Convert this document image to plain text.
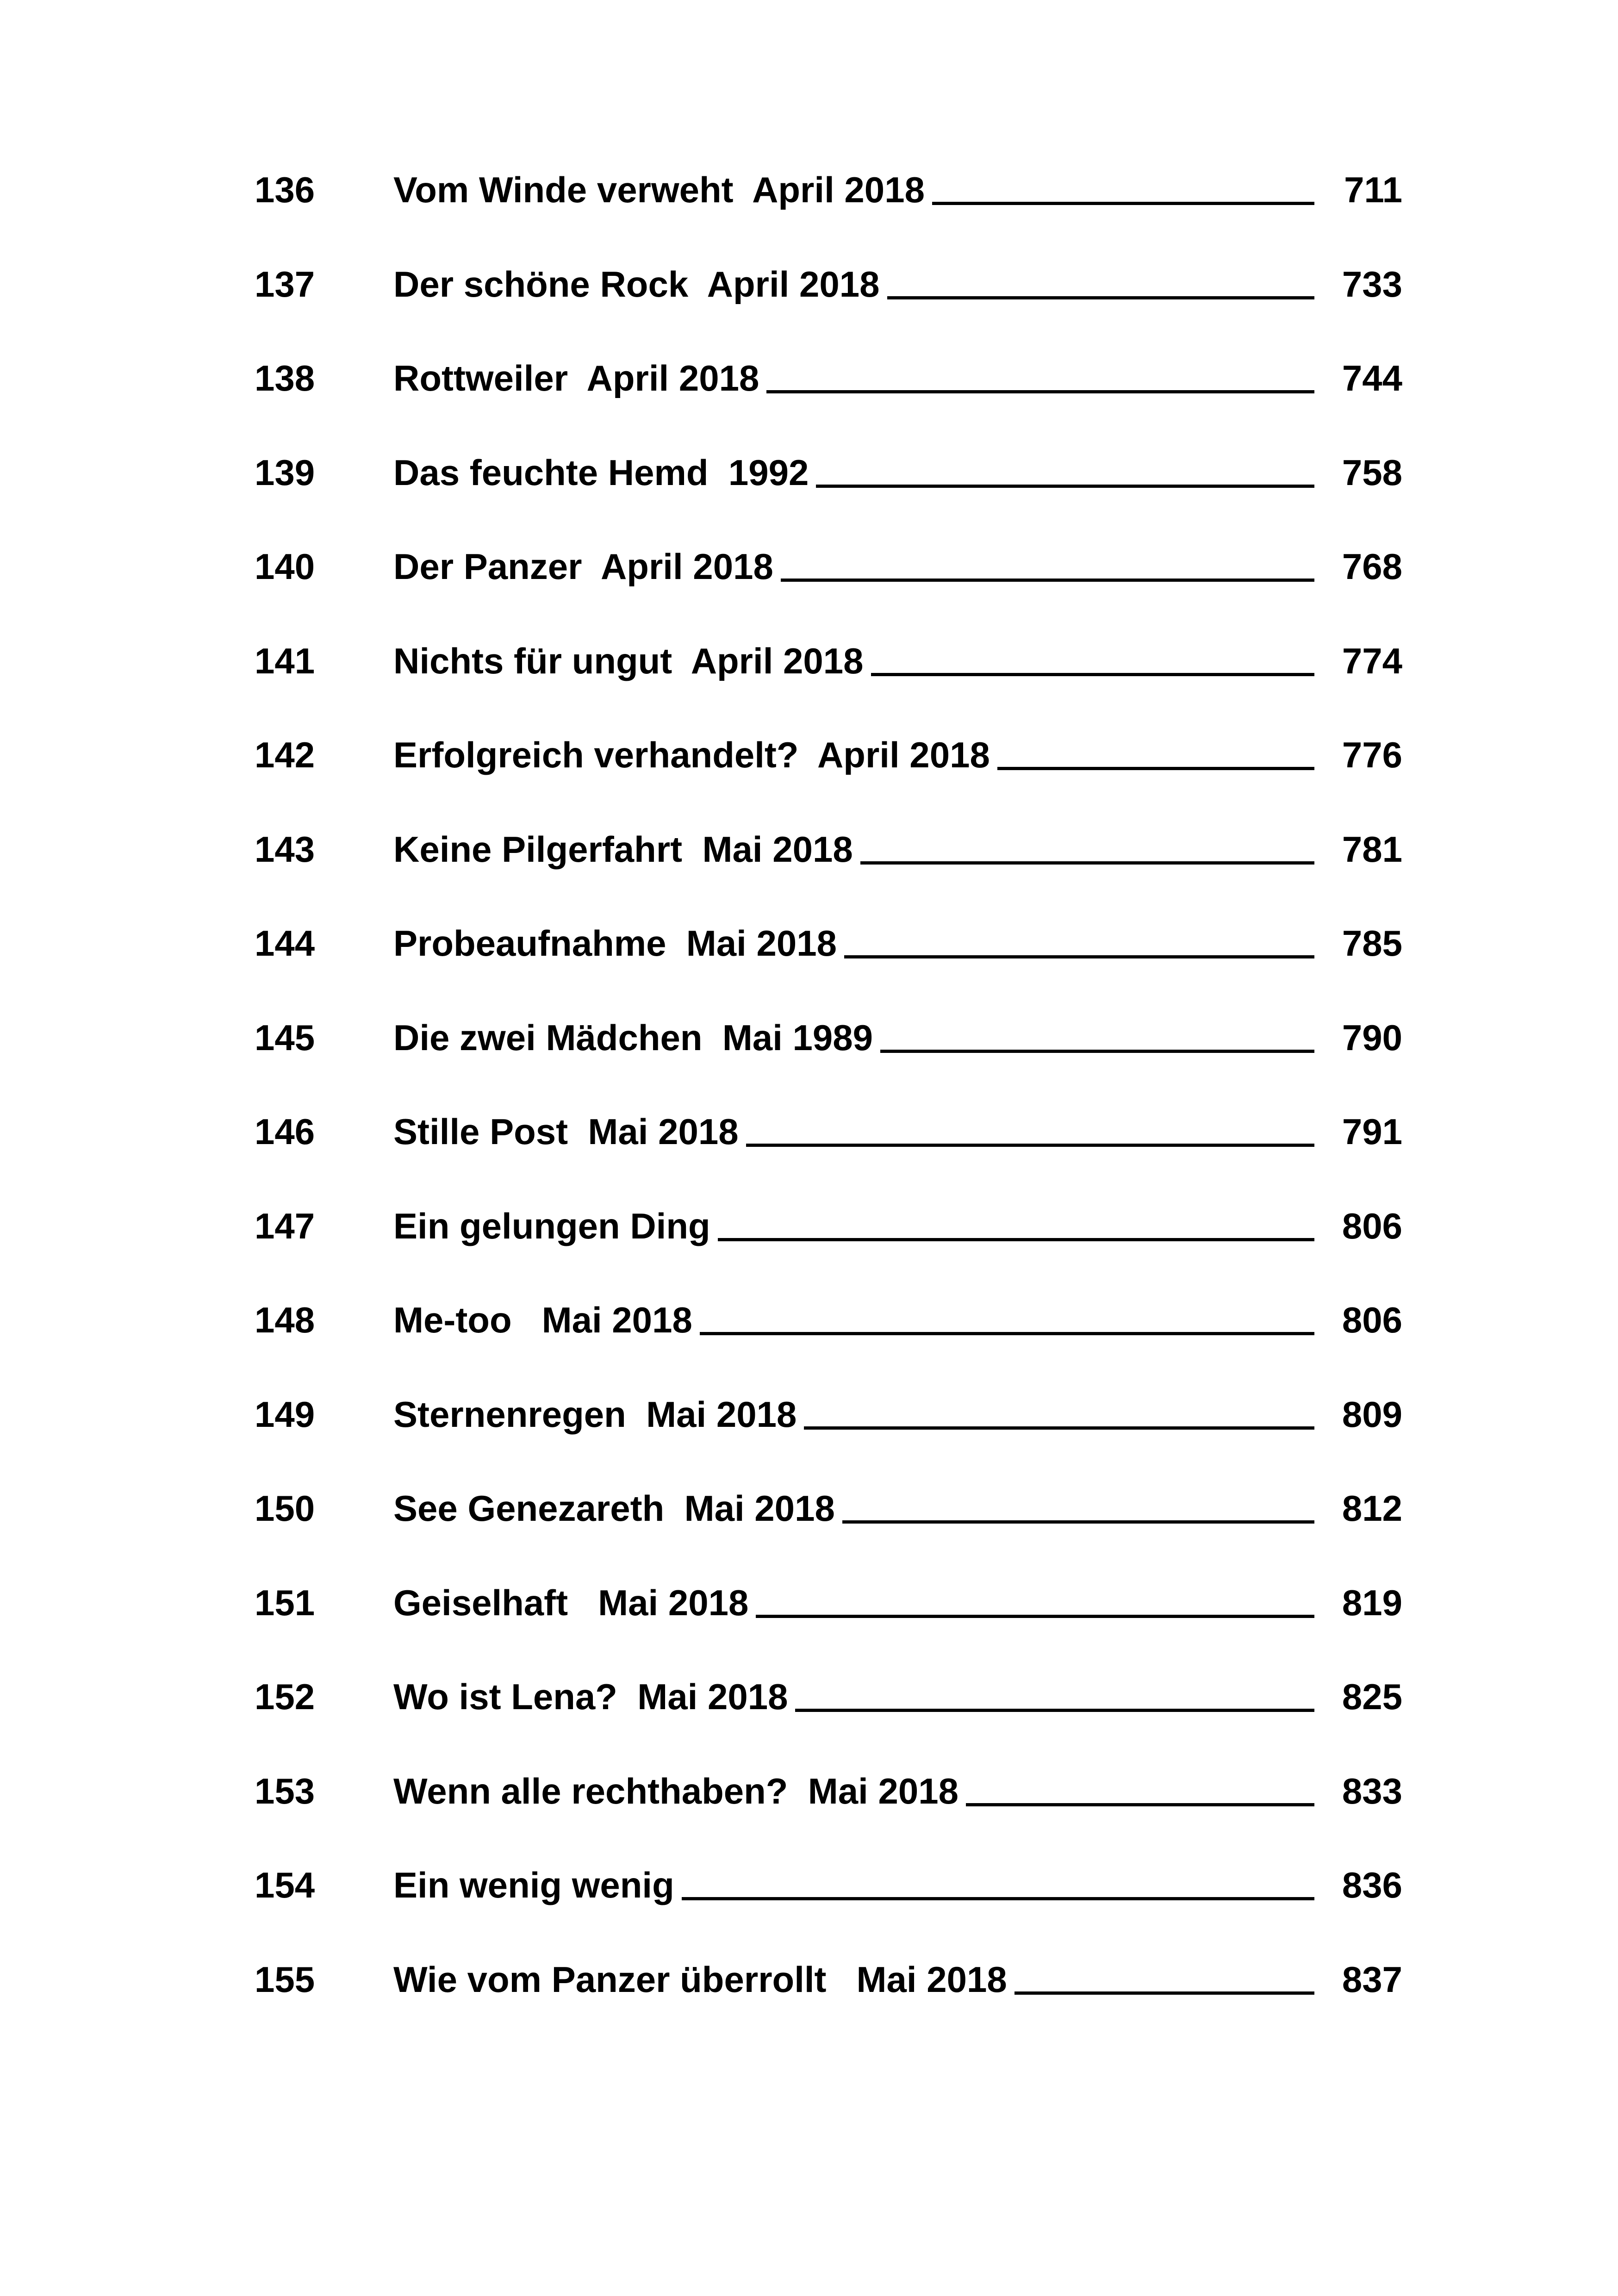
136	Vom Winde verweht  April 2018	711
137	Der schöne Rock  April 2018	733
138	Rottweiler  April 2018	744
139	Das feuchte Hemd  1992	758
140	Der Panzer  April 2018	768
141	Nichts für ungut  April 2018	774
142	Erfolgreich verhandelt?  April 2018	776
143	Keine Pilgerfahrt  Mai 2018	781
144	Probeaufnahme  Mai 2018	785
145	Die zwei Mädchen  Mai 1989	790
146	Stille Post  Mai 2018	791
147	Ein gelungen Ding	806
148	Me-too   Mai 2018	806
149	Sternenregen  Mai 2018	809
150	See Genezareth  Mai 2018	812
151	Geiselhaft   Mai 2018	819
152	Wo ist Lena?  Mai 2018	825
153	Wenn alle rechthaben?  Mai 2018	833
154	Ein wenig wenig	836
155	Wie vom Panzer überrollt   Mai 2018	837
